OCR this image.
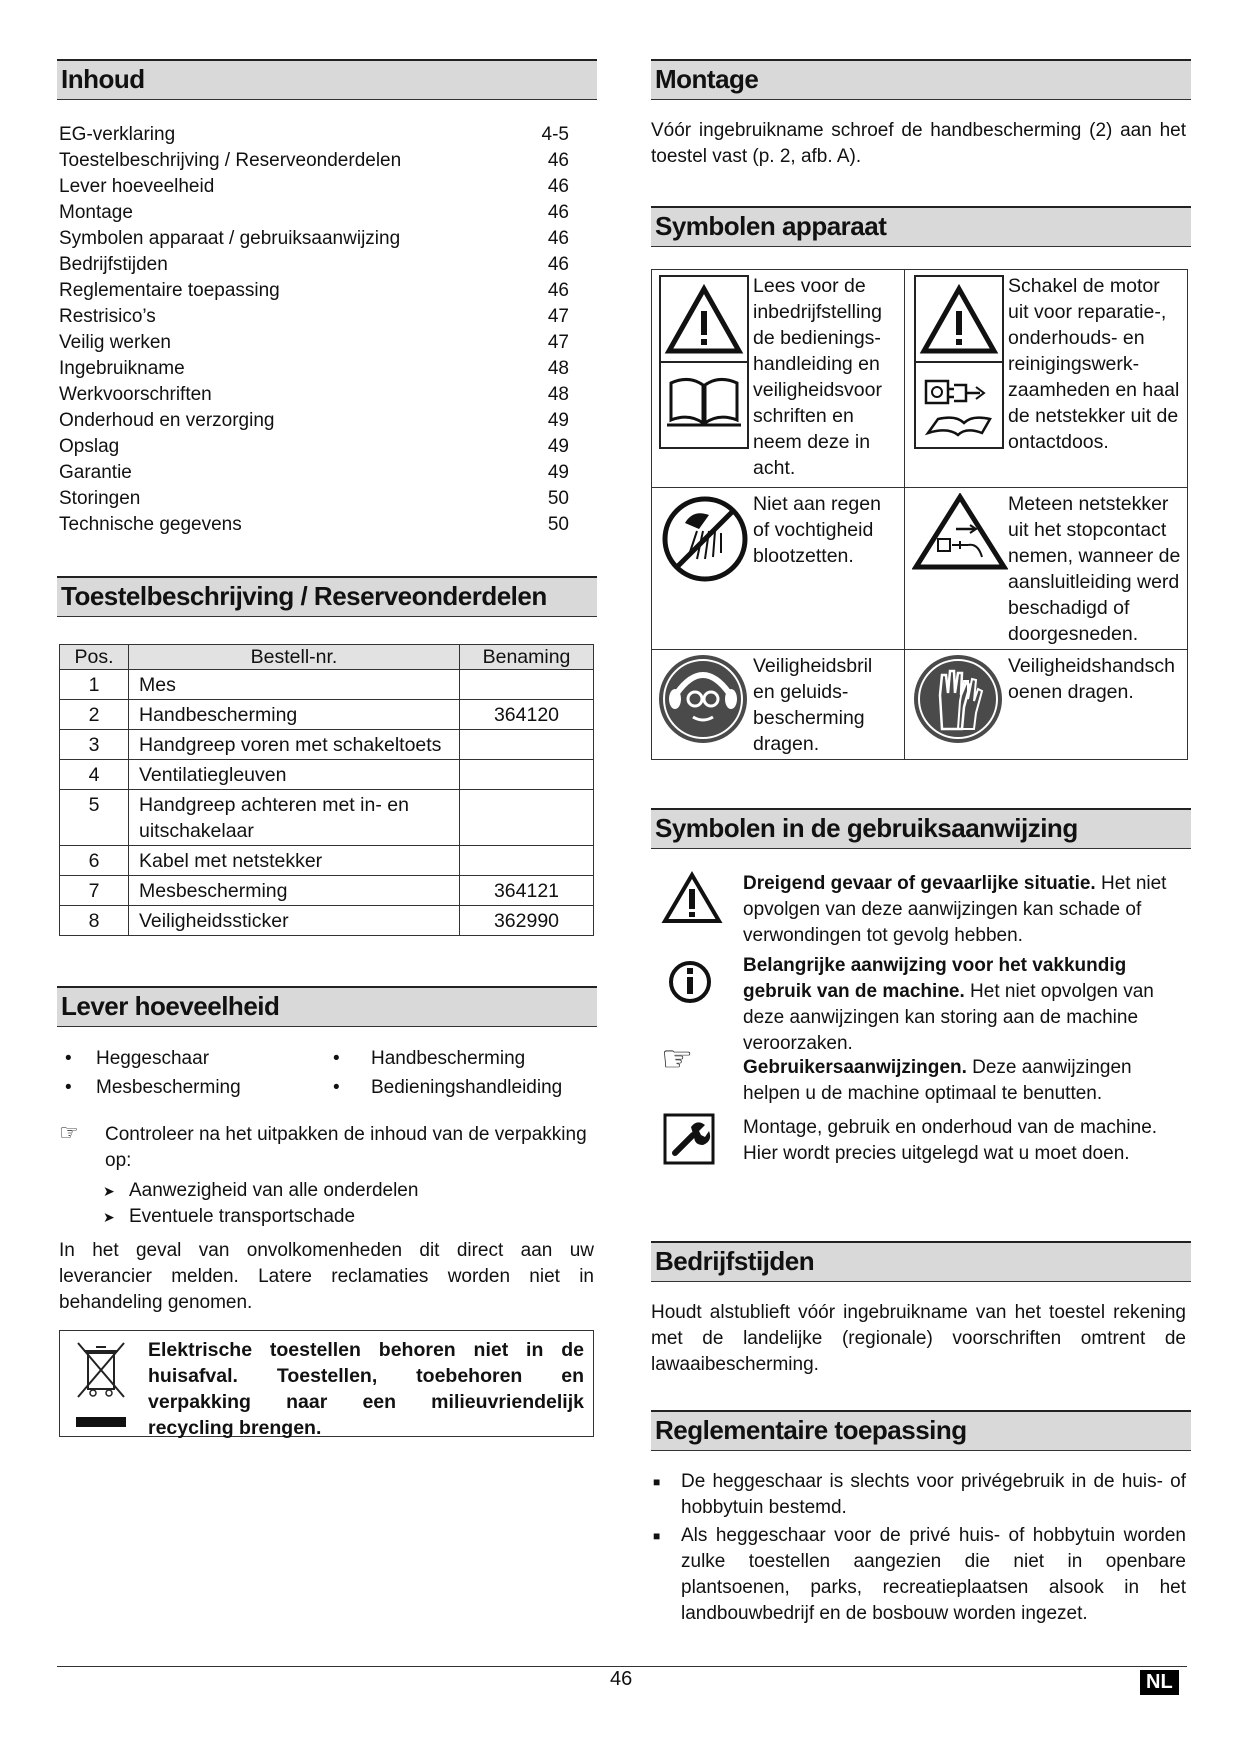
Inhoud
EG-verklaring	4-5
Toestelbeschrijving / Reserveonderdelen	46
Lever hoeveelheid	46
Montage	46
Symbolen apparaat / gebruiksaanwijzing	46
Bedrijfstijden	46
Reglementaire toepassing	46
Restrisico’s	47
Veilig werken	47
Ingebruikname	48
Werkvoorschriften	48
Onderhoud en verzorging	49
Opslag	49
Garantie	49
Storingen	50
Technische gegevens	50
Toestelbeschrijving / Reserveonderdelen
Pos.	Bestell-nr.	Benaming
1	Mes	
2	Handbescherming	364120
3	Handgreep voren met schakeltoets	
4	Ventilatiegleuven	
5	Handgreep achteren met in- en uitschakelaar	
6	Kabel met netstekker	
7	Mesbescherming	364121
8	Veiligheidssticker	362990
Lever hoeveelheid
• Heggeschaar	• Handbescherming
• Mesbescherming	• Bedieningshandleiding
☞ Controleer na het uitpakken de inhoud van de verpakking op:

➤ Aanwezigheid van alle onderdelen

➤ Eventuele transportschade

In het geval van onvolkomenheden dit direct aan uw leverancier melden. Latere reclamaties worden niet in behandeling genomen.

Elektrische toestellen behoren niet in de huisafval. Toestellen, toebehoren en verpakking naar een milieuvriendelijk recycling brengen.

Montage

Vóór ingebruikname schroef de handbescherming (2) aan het toestel vast (p. 2, afb. A).

Symbolen apparaat

Lees voor de inbedrijfstelling de bedienings-handleiding en veiligheidsvoor schriften en neem deze in acht.	Schakel de motor uit voor reparatie-, onderhouds- en reinigingswerk-zaamheden en haal de netstekker uit de ontactdoos.

Niet aan regen of vochtigheid blootzetten.	Meteen netstekker uit het stopcontact nemen, wanneer de aansluitleiding werd beschadigd of doorgesneden.

Veiligheidsbril en geluids-bescherming dragen.	Veiligheidshandsch oenen dragen.

Symbolen in de gebruiksaanwijzing

Dreigend gevaar of gevaarlijke situatie. Het niet opvolgen van deze aanwijzingen kan schade of verwondingen tot gevolg hebben.

Belangrijke aanwijzing voor het vakkundig gebruik van de machine. Het niet opvolgen van deze aanwijzingen kan storing aan de machine veroorzaken.

☞	Gebruikersaanwijzingen. Deze aanwijzingen helpen u de machine optimaal te benutten.

Montage, gebruik en onderhoud van de machine. Hier wordt precies uitgelegd wat u moet doen.

Bedrijfstijden

Houdt alstublieft vóór ingebruikname van het toestel rekening met de landelijke (regionale) voorschriften omtrent de lawaaibescherming.

Reglementaire toepassing
■ De heggeschaar is slechts voor privégebruik in de huis- of hobbytuin bestemd.

■ Als heggeschaar voor de privé huis- of hobbytuin worden zulke toestellen aangezien die niet in openbare plantsoenen, parks, recreatieplaatsen alsook in het landbouwbedrijf en de bosbouw worden ingezet.

46	NL
